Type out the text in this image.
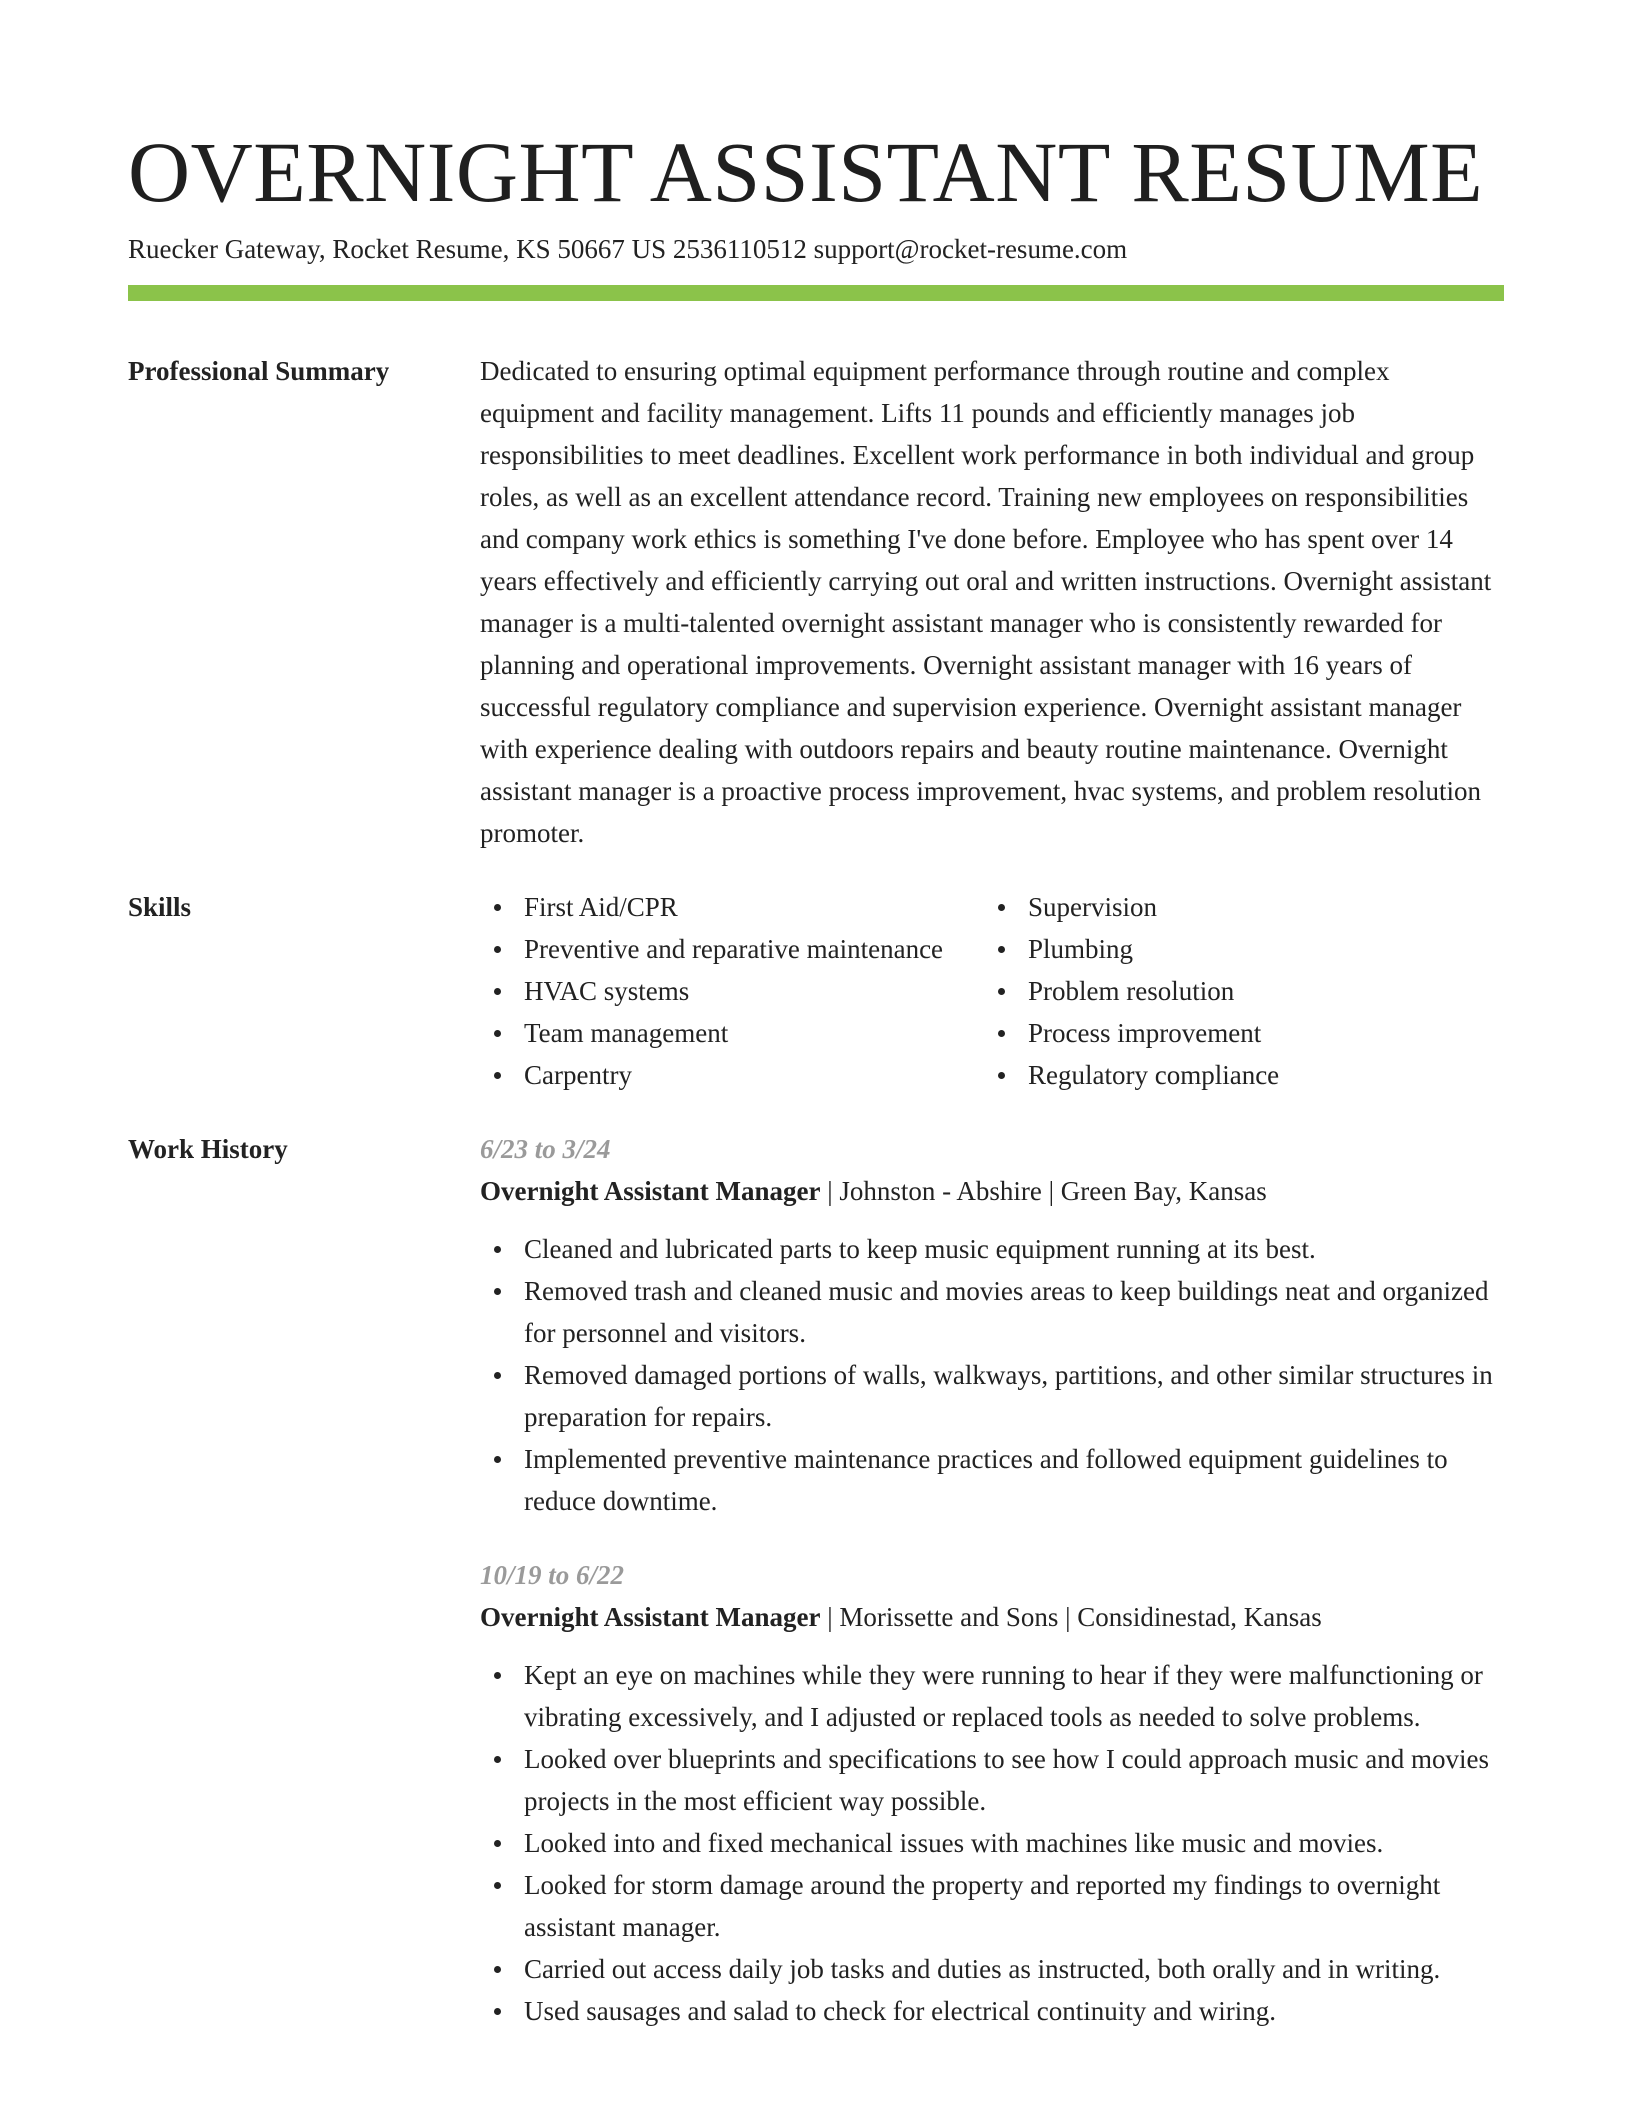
OVERNIGHT ASSISTANT RESUME
Ruecker Gateway, Rocket Resume, KS 50667 US 2536110512 support@rocket-resume.com
Professional Summary	Dedicated to ensuring optimal equipment performance through routine and complex equipment and facility management. Lifts 11 pounds and efficiently manages job responsibilities to meet deadlines. Excellent work performance in both individual and group roles, as well as an excellent attendance record. Training new employees on responsibilities and company work ethics is something I've done before. Employee who has spent over 14 years effectively and efficiently carrying out oral and written instructions. Overnight assistant manager is a multi-talented overnight assistant manager who is consistently rewarded for planning and operational improvements. Overnight assistant manager with 16 years of successful regulatory compliance and supervision experience. Overnight assistant manager with experience dealing with outdoors repairs and beauty routine maintenance. Overnight assistant manager is a proactive process improvement, hvac systems, and problem resolution promoter.

Skills	First Aid/CPR
Preventive and reparative maintenance
HVAC systems
Team management
Carpentry
Supervision
Plumbing
Problem resolution
Process improvement
Regulatory compliance
Work History	6/23 to 3/24
Overnight Assistant Manager | Johnston - Abshire | Green Bay, Kansas
Cleaned and lubricated parts to keep music equipment running at its best.
Removed trash and cleaned music and movies areas to keep buildings neat and organized for personnel and visitors.
Removed damaged portions of walls, walkways, partitions, and other similar structures in preparation for repairs.
Implemented preventive maintenance practices and followed equipment guidelines to reduce downtime.
10/19 to 6/22
Overnight Assistant Manager | Morissette and Sons | Considinestad, Kansas
Kept an eye on machines while they were running to hear if they were malfunctioning or vibrating excessively, and I adjusted or replaced tools as needed to solve problems.
Looked over blueprints and specifications to see how I could approach music and movies projects in the most efficient way possible.
Looked into and fixed mechanical issues with machines like music and movies.
Looked for storm damage around the property and reported my findings to overnight assistant manager.
Carried out access daily job tasks and duties as instructed, both orally and in writing.
Used sausages and salad to check for electrical continuity and wiring.
